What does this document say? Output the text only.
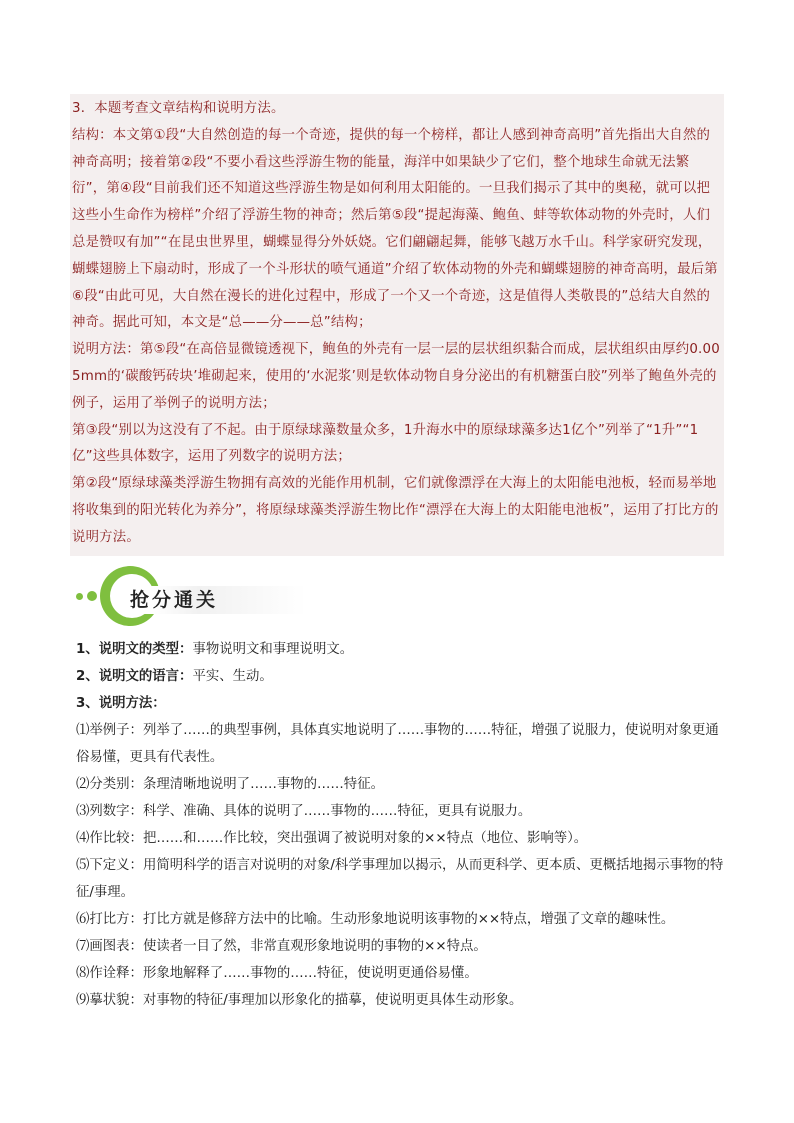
3．本题考查文章结构和说明方法。

结构：本文第①段“大自然创造的每一个奇迹，提供的每一个榜样，都让人感到神奇高明”首先指出大自然的神奇高明；接着第②段“不要小看这些浮游生物的能量，海洋中如果缺少了它们，整个地球生命就无法繁衍”，第④段“目前我们还不知道这些浮游生物是如何利用太阳能的。一旦我们揭示了其中的奥秘，就可以把这些小生命作为榜样”介绍了浮游生物的神奇；然后第⑤段“提起海藻、鲍鱼、蚌等软体动物的外壳时，人们总是赞叹有加”“在昆虫世界里，蝴蝶显得分外妖娆。它们翩翩起舞，能够飞越万水千山。科学家研究发现，蝴蝶翅膀上下扇动时，形成了一个斗形状的喷气通道”介绍了软体动物的外壳和蝴蝶翅膀的神奇高明，最后第⑥段“由此可见，大自然在漫长的进化过程中，形成了一个又一个奇迹，这是值得人类敬畏的”总结大自然的神奇。据此可知，本文是“总——分——总”结构；

说明方法：第⑤段“在高倍显微镜透视下，鲍鱼的外壳有一层一层的层状组织黏合而成，层状组织由厚约0.005mm的‘碳酸钙砖块’堆砌起来，使用的‘水泥浆’则是软体动物自身分泌出的有机糖蛋白胶”列举了鲍鱼外壳的例子，运用了举例子的说明方法；

第③段“别以为这没有了不起。由于原绿球藻数量众多，1升海水中的原绿球藻多达1亿个”列举了“1升”“1亿”这些具体数字，运用了列数字的说明方法；

第②段“原绿球藻类浮游生物拥有高效的光能作用机制，它们就像漂浮在大海上的太阳能电池板，轻而易举地将收集到的阳光转化为养分”，将原绿球藻类浮游生物比作“漂浮在大海上的太阳能电池板”，运用了打比方的说明方法。

抢分通关

1、说明文的类型：事物说明文和事理说明文。

2、说明文的语言：平实、生动。

3、说明方法：

⑴举例子：列举了……的典型事例，具体真实地说明了……事物的……特征，增强了说服力，使说明对象更通俗易懂，更具有代表性。

⑵分类别：条理清晰地说明了……事物的……特征。

⑶列数字：科学、准确、具体的说明了……事物的……特征，更具有说服力。

⑷作比较：把……和……作比较，突出强调了被说明对象的××特点（地位、影响等）。

⑸下定义：用简明科学的语言对说明的对象/科学事理加以揭示，从而更科学、更本质、更概括地揭示事物的特征/事理。

⑹打比方：打比方就是修辞方法中的比喻。生动形象地说明该事物的××特点，增强了文章的趣味性。

⑺画图表：使读者一目了然，非常直观形象地说明的事物的××特点。

⑻作诠释：形象地解释了……事物的……特征，使说明更通俗易懂。

⑼摹状貌：对事物的特征/事理加以形象化的描摹，使说明更具体生动形象。
